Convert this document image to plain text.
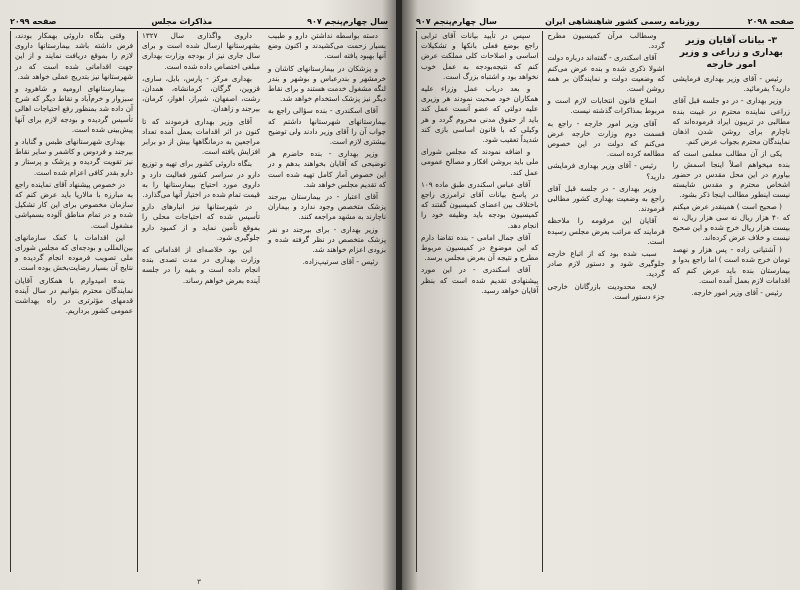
سال چهارم‌پنجم ۹۰۷
مذاکرات مجلس
صفحه ۲۰۹۹

وقتی بنگاه داروئی بهمکار بودند، فرض داشته باشد بیمارستانها داروی لازم را بموقع دریافت نمایند و از این جهت اقداماتی شده است که در شهرستانها نیز بتدریج عملی خواهد شد.

بیمارستانهای ارومیه و شاهرود و سبزوار و خرم‌آباد و نقاط دیگر که شرح آن داده شد بمنظور رفع احتیاجات اهالی تأسیس گردیده و بودجه لازم برای آنها پیش‌بینی شده است.

بهداری شهرستانهای طبس و گناباد و بیرجند و فردوس و کاشمر و سایر نقاط نیز تقویت گردیده و پزشک و پرستار و دارو بقدر کافی اعزام شده است.

در خصوص پیشنهاد آقای نماینده راجع به مبارزه با مالاریا باید عرض کنم که سازمان مخصوص برای این کار تشکیل شده و در تمام مناطق آلوده بسمپاشی مشغول است.

این اقدامات با کمک سازمانهای بین‌المللی و بودجه‌ای که مجلس شورای ملی تصویب فرموده انجام گردیده و نتایج آن بسیار رضایت‌بخش بوده است.

بنده امیدوارم با همکاری آقایان نمایندگان محترم بتوانیم در سال آینده قدمهای مؤثرتری در راه بهداشت عمومی کشور برداریم.

داروی واگذاری سال ۱۳۲۷ بشهرستانها ارسال شده است و برای سال جاری نیز از بودجه وزارت بهداری مبلغی اختصاص داده شده است.

بهداری مرکز - پارس، بابل، ساری، قزوین، گرگان، کرمانشاه، همدان، رشت، اصفهان، شیراز، اهواز، کرمان، بیرجند و زاهدان.

آقای وزیر بهداری فرمودند که تا کنون در اثر اقدامات بعمل آمده تعداد مراجعین به درمانگاهها بیش از دو برابر افزایش یافته است.

بنگاه داروئی کشور برای تهیه و توزیع دارو در سراسر کشور فعالیت دارد و داروی مورد احتیاج بیمارستانها را به قیمت تمام شده در اختیار آنها می‌گذارد.

در شهرستانها نیز انبارهای دارو تأسیس شده که احتیاجات محلی را بموقع تأمین نماید و از کمبود دارو جلوگیری شود.

این بود خلاصه‌ای از اقداماتی که وزارت بهداری در مدت تصدی بنده انجام داده است و بقیه را در جلسه آینده بعرض خواهم رساند.

دسته بواسطه نداشتن دارو و طبیب بسیار زحمت می‌کشیدند و اکنون وضع آنها بهبود یافته است.

و پزشکان در بیمارستانهای کاشان و خرمشهر و بندرعباس و بوشهر و بندر لنگه مشغول خدمت هستند و برای نقاط دیگر نیز پزشک استخدام خواهد شد.

آقای اسکندری - بنده سؤالی راجع به بیمارستانهای شهرستانها داشتم که جواب آن را آقای وزیر دادند ولی توضیح بیشتری لازم است.

وزیر بهداری - بنده حاضرم هر توضیحی که آقایان بخواهند بدهم و در این خصوص آمار کامل تهیه شده است که تقدیم مجلس خواهد شد.

آقای اعتبار - در بیمارستان بیرجند پزشک متخصص وجود ندارد و بیماران ناچارند به مشهد مراجعه کنند.

وزیر بهداری - برای بیرجند دو نفر پزشک متخصص در نظر گرفته شده و بزودی اعزام خواهند شد.

رئیس - آقای سرتیپ‌زاده.

۳
صفحه ۲۰۹۸
روزنامه رسمی کشور شاهنشاهی ایران
سال چهارم‌پنجم ۹۰۷

سپس در تأیید بیانات آقای ترابی راجع بوضع فعلی بانکها و تشکیلات اساسی و اصلاحات کلی مملکت عرض کنم که نتیجه‌بودجه به عمل خوب نخواهد بود و اشتباه بزرگ است.

و بعد درباب عمل وزراء علیه همکاران خود صحبت نمودند هر وزیری علیه دولتی که عضو آنست عمل کند باید از حقوق مدنی محروم گردد و هر وکیلی که با قانون اساسی بازی کند شدیداً تعقیب شود.

و اضافه نمودند که مجلس شورای ملی باید بروشن افکار و مصالح عمومی عمل کند.

آقای عباس اسکندری طبق ماده ۱۰۹ در پاسخ بیانات آقای ترامرزی راجع باختلاف بین اعضای کمیسیون گفتند که کمیسیون بودجه باید وظیفه خود را انجام دهد.

آقای جمال امامی - بنده تقاضا دارم که این موضوع در کمیسیون مربوط مطرح و نتیجه آن بعرض مجلس برسد.

آقای اسکندری - در این مورد پیشنهادی تقدیم شده است که بنظر آقایان خواهد رسید.

وسطالب مرآن کمیسیون مطرح گردد.

آقای اسکندری - گفته‌اند درباره دولت اشولا ذکری شده و بنده عرض می‌کنم که وضعیت دولت و نمایندگان بر همه روشن است.

اسلاح قانون انتخابات لازم است و مربوط بمذاکرات گذشته نیست.

آقای وزیر امور خارجه - راجع به قسمت دوم وزارت خارجه عرض می‌کنم که دولت در این خصوص مطالعه کرده است.

رئیس - آقای وزیر بهداری فرمایشی دارید؟

وزیر بهداری - در جلسه قبل آقای راجع به وضعیت بهداری کشور مطالبی فرمودند.

آقایان این مرقومه را ملاحظه فرمایند که مراتب بعرض مجلس رسیده است.

سبب شده بود که از اتباع خارجه جلوگیری شود و دستور لازم صادر گردید.

لایحه محدودیت بازرگانان خارجی جزء دستور است.

۳- بیانات آقایان وزیر بهداری و زراعی و وزیر امور خارجه

رئیس - آقای وزیر بهداری فرمایشی دارید؟ بفرمائید.

وزیر بهداری - در دو جلسه قبل آقای زراعی نماینده محترم در غیبت بنده مطالبی در تریبون ایراد فرموده‌اند که ناچارم برای روشن شدن اذهان نمایندگان محترم بجواب عرض کنم.

یکی از آن مطالب معلمی است که بنده میخواهم اصلاً اینجا اسمش را بیاورم در این محل مقدس در حضور اشخاص محترم و مقدس شایسته نیست اینطور مطالب اینجا ذکر بشود.

( صحیح است ) همینقدر عرض میکنم که ۴۰ هزار ریال نه سی هزار ریال، نه بیست هزار ریال خرج شده و این صحیح نیست و خلاف عرض کرده‌اند.

( آشتیانی زاده - پس هزار و نهصد تومان خرج شده است ) اما راجع بدوا و بیمارستان بنده باید عرض کنم که اقدامات لازم بعمل آمده است.

رئیس - آقای وزیر امور خارجه.
